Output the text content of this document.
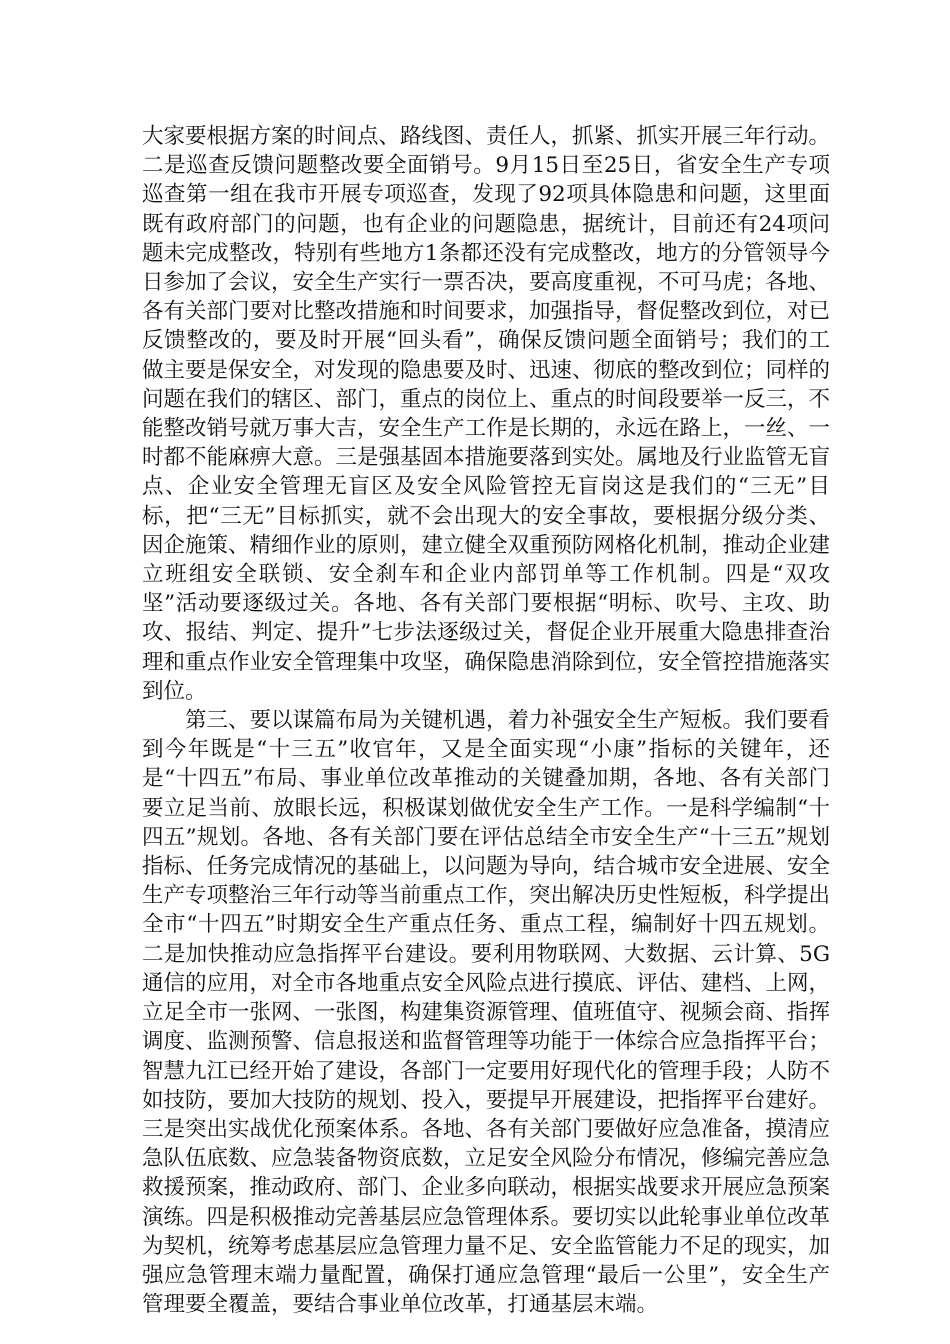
大家要根据方案的时间点、路线图、责任人，抓紧、抓实开展三年行动。二是巡查反馈问题整改要全面销号。9月15日至25日，省安全生产专项巡查第一组在我市开展专项巡查，发现了92项具体隐患和问题，这里面既有政府部门的问题，也有企业的问题隐患，据统计，目前还有24项问题未完成整改，特别有些地方1条都还没有完成整改，地方的分管领导今日参加了会议，安全生产实行一票否决，要高度重视，不可马虎；各地、各有关部门要对比整改措施和时间要求，加强指导，督促整改到位，对已反馈整改的，要及时开展“回头看”，确保反馈问题全面销号；我们的工做主要是保安全，对发现的隐患要及时、迅速、彻底的整改到位；同样的问题在我们的辖区、部门，重点的岗位上、重点的时间段要举一反三，不能整改销号就万事大吉，安全生产工作是长期的，永远在路上，一丝、一时都不能麻痹大意。三是强基固本措施要落到实处。属地及行业监管无盲点、企业安全管理无盲区及安全风险管控无盲岗这是我们的“三无”目标，把“三无”目标抓实，就不会出现大的安全事故，要根据分级分类、因企施策、精细作业的原则，建立健全双重预防网格化机制，推动企业建立班组安全联锁、安全刹车和企业内部罚单等工作机制。四是“双攻坚”活动要逐级过关。各地、各有关部门要根据“明标、吹号、主攻、助攻、报结、判定、提升”七步法逐级过关，督促企业开展重大隐患排查治理和重点作业安全管理集中攻坚，确保隐患消除到位，安全管控措施落实到位。

第三、要以谋篇布局为关键机遇，着力补强安全生产短板。我们要看到今年既是“十三五”收官年，又是全面实现“小康”指标的关键年，还是“十四五”布局、事业单位改革推动的关键叠加期，各地、各有关部门要立足当前、放眼长远，积极谋划做优安全生产工作。一是科学编制“十四五”规划。各地、各有关部门要在评估总结全市安全生产“十三五”规划指标、任务完成情况的基础上，以问题为导向，结合城市安全进展、安全生产专项整治三年行动等当前重点工作，突出解决历史性短板，科学提出全市“十四五”时期安全生产重点任务、重点工程，编制好十四五规划。二是加快推动应急指挥平台建设。要利用物联网、大数据、云计算、5G通信的应用，对全市各地重点安全风险点进行摸底、评估、建档、上网，立足全市一张网、一张图，构建集资源管理、值班值守、视频会商、指挥调度、监测预警、信息报送和监督管理等功能于一体综合应急指挥平台；智慧九江已经开始了建设，各部门一定要用好现代化的管理手段；人防不如技防，要加大技防的规划、投入，要提早开展建设，把指挥平台建好。三是突出实战优化预案体系。各地、各有关部门要做好应急准备，摸清应急队伍底数、应急装备物资底数，立足安全风险分布情况，修编完善应急救援预案，推动政府、部门、企业多向联动，根据实战要求开展应急预案演练。四是积极推动完善基层应急管理体系。要切实以此轮事业单位改革为契机，统筹考虑基层应急管理力量不足、安全监管能力不足的现实，加强应急管理末端力量配置，确保打通应急管理“最后一公里”，安全生产管理要全覆盖，要结合事业单位改革，打通基层末端。
